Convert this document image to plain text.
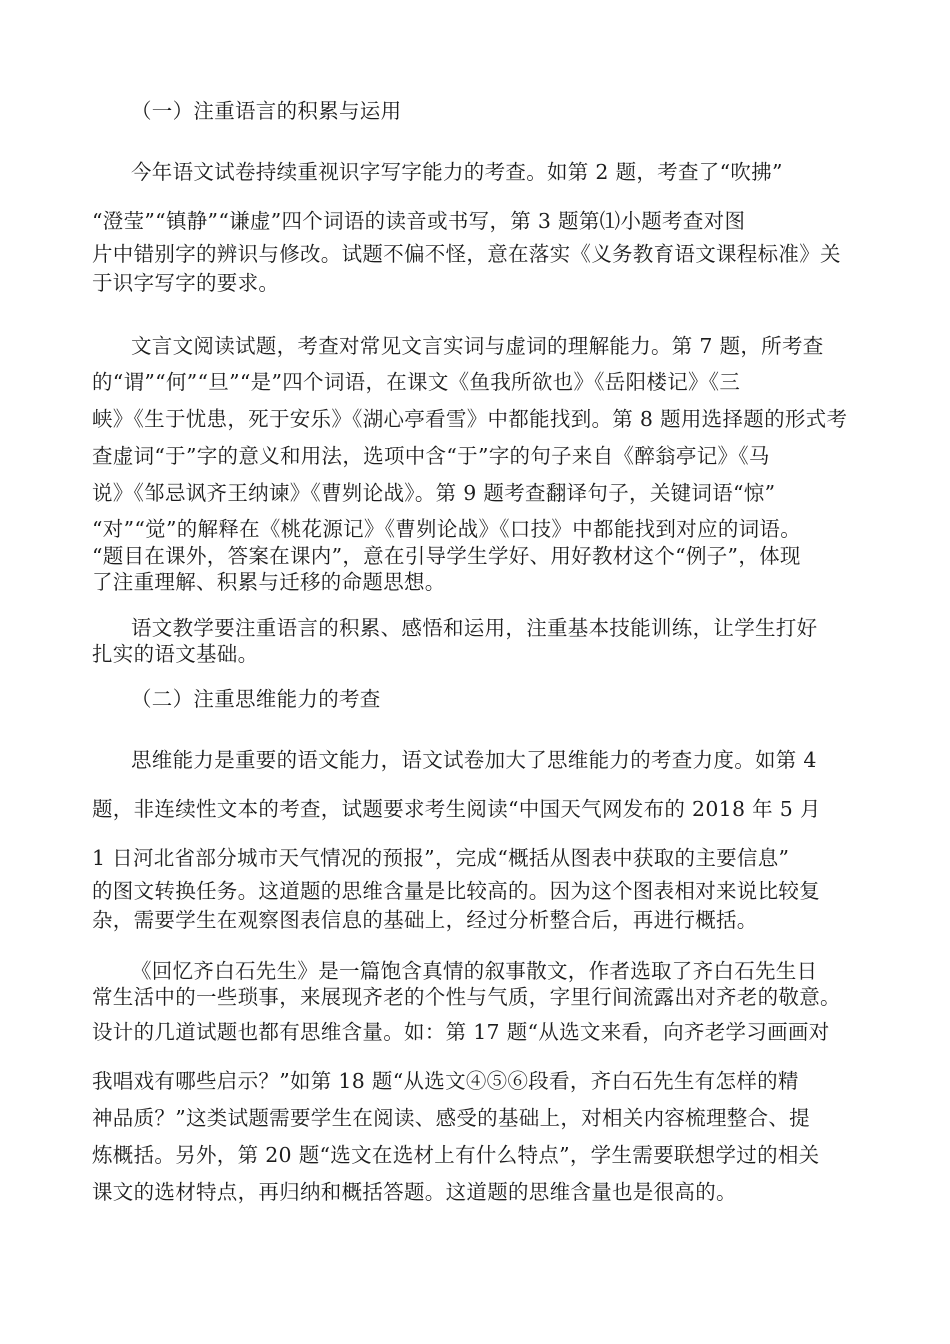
（一）注重语言的积累与运用
今年语文试卷持续重视识字写字能力的考查。如第 2 题，考查了“吹拂”
“澄莹”“镇静”“谦虚”四个词语的读音或书写，第 3 题第⑴小题考查对图
片中错别字的辨识与修改。试题不偏不怪，意在落实《义务教育语文课程标准》关
于识字写字的要求。
文言文阅读试题，考查对常见文言实词与虚词的理解能力。第 7 题，所考查
的“谓”“何”“旦”“是”四个词语，在课文《鱼我所欲也》《岳阳楼记》《三
峡》《生于忧患，死于安乐》《湖心亭看雪》中都能找到。第 8 题用选择题的形式考
查虚词“于”字的意义和用法，选项中含“于”字的句子来自《醉翁亭记》《马
说》《邹忌讽齐王纳谏》《曹刿论战》。第 9 题考查翻译句子，关键词语“惊”
“对”“觉”的解释在《桃花源记》《曹刿论战》《口技》中都能找到对应的词语。
“题目在课外，答案在课内”，意在引导学生学好、用好教材这个“例子”，体现
了注重理解、积累与迁移的命题思想。
语文教学要注重语言的积累、感悟和运用，注重基本技能训练，让学生打好
扎实的语文基础。
（二）注重思维能力的考查
思维能力是重要的语文能力，语文试卷加大了思维能力的考查力度。如第 4
题，非连续性文本的考查，试题要求考生阅读“中国天气网发布的 2018 年 5 月
1 日河北省部分城市天气情况的预报”，完成“概括从图表中获取的主要信息”
的图文转换任务。这道题的思维含量是比较高的。因为这个图表相对来说比较复
杂，需要学生在观察图表信息的基础上，经过分析整合后，再进行概括。
《回忆齐白石先生》是一篇饱含真情的叙事散文，作者选取了齐白石先生日
常生活中的一些琐事，来展现齐老的个性与气质，字里行间流露出对齐老的敬意。
设计的几道试题也都有思维含量。如：第 17 题“从选文来看，向齐老学习画画对
我唱戏有哪些启示？”如第 18 题“从选文④⑤⑥段看，齐白石先生有怎样的精
神品质？”这类试题需要学生在阅读、感受的基础上，对相关内容梳理整合、提
炼概括。另外，第 20 题“选文在选材上有什么特点”，学生需要联想学过的相关
课文的选材特点，再归纳和概括答题。这道题的思维含量也是很高的。
